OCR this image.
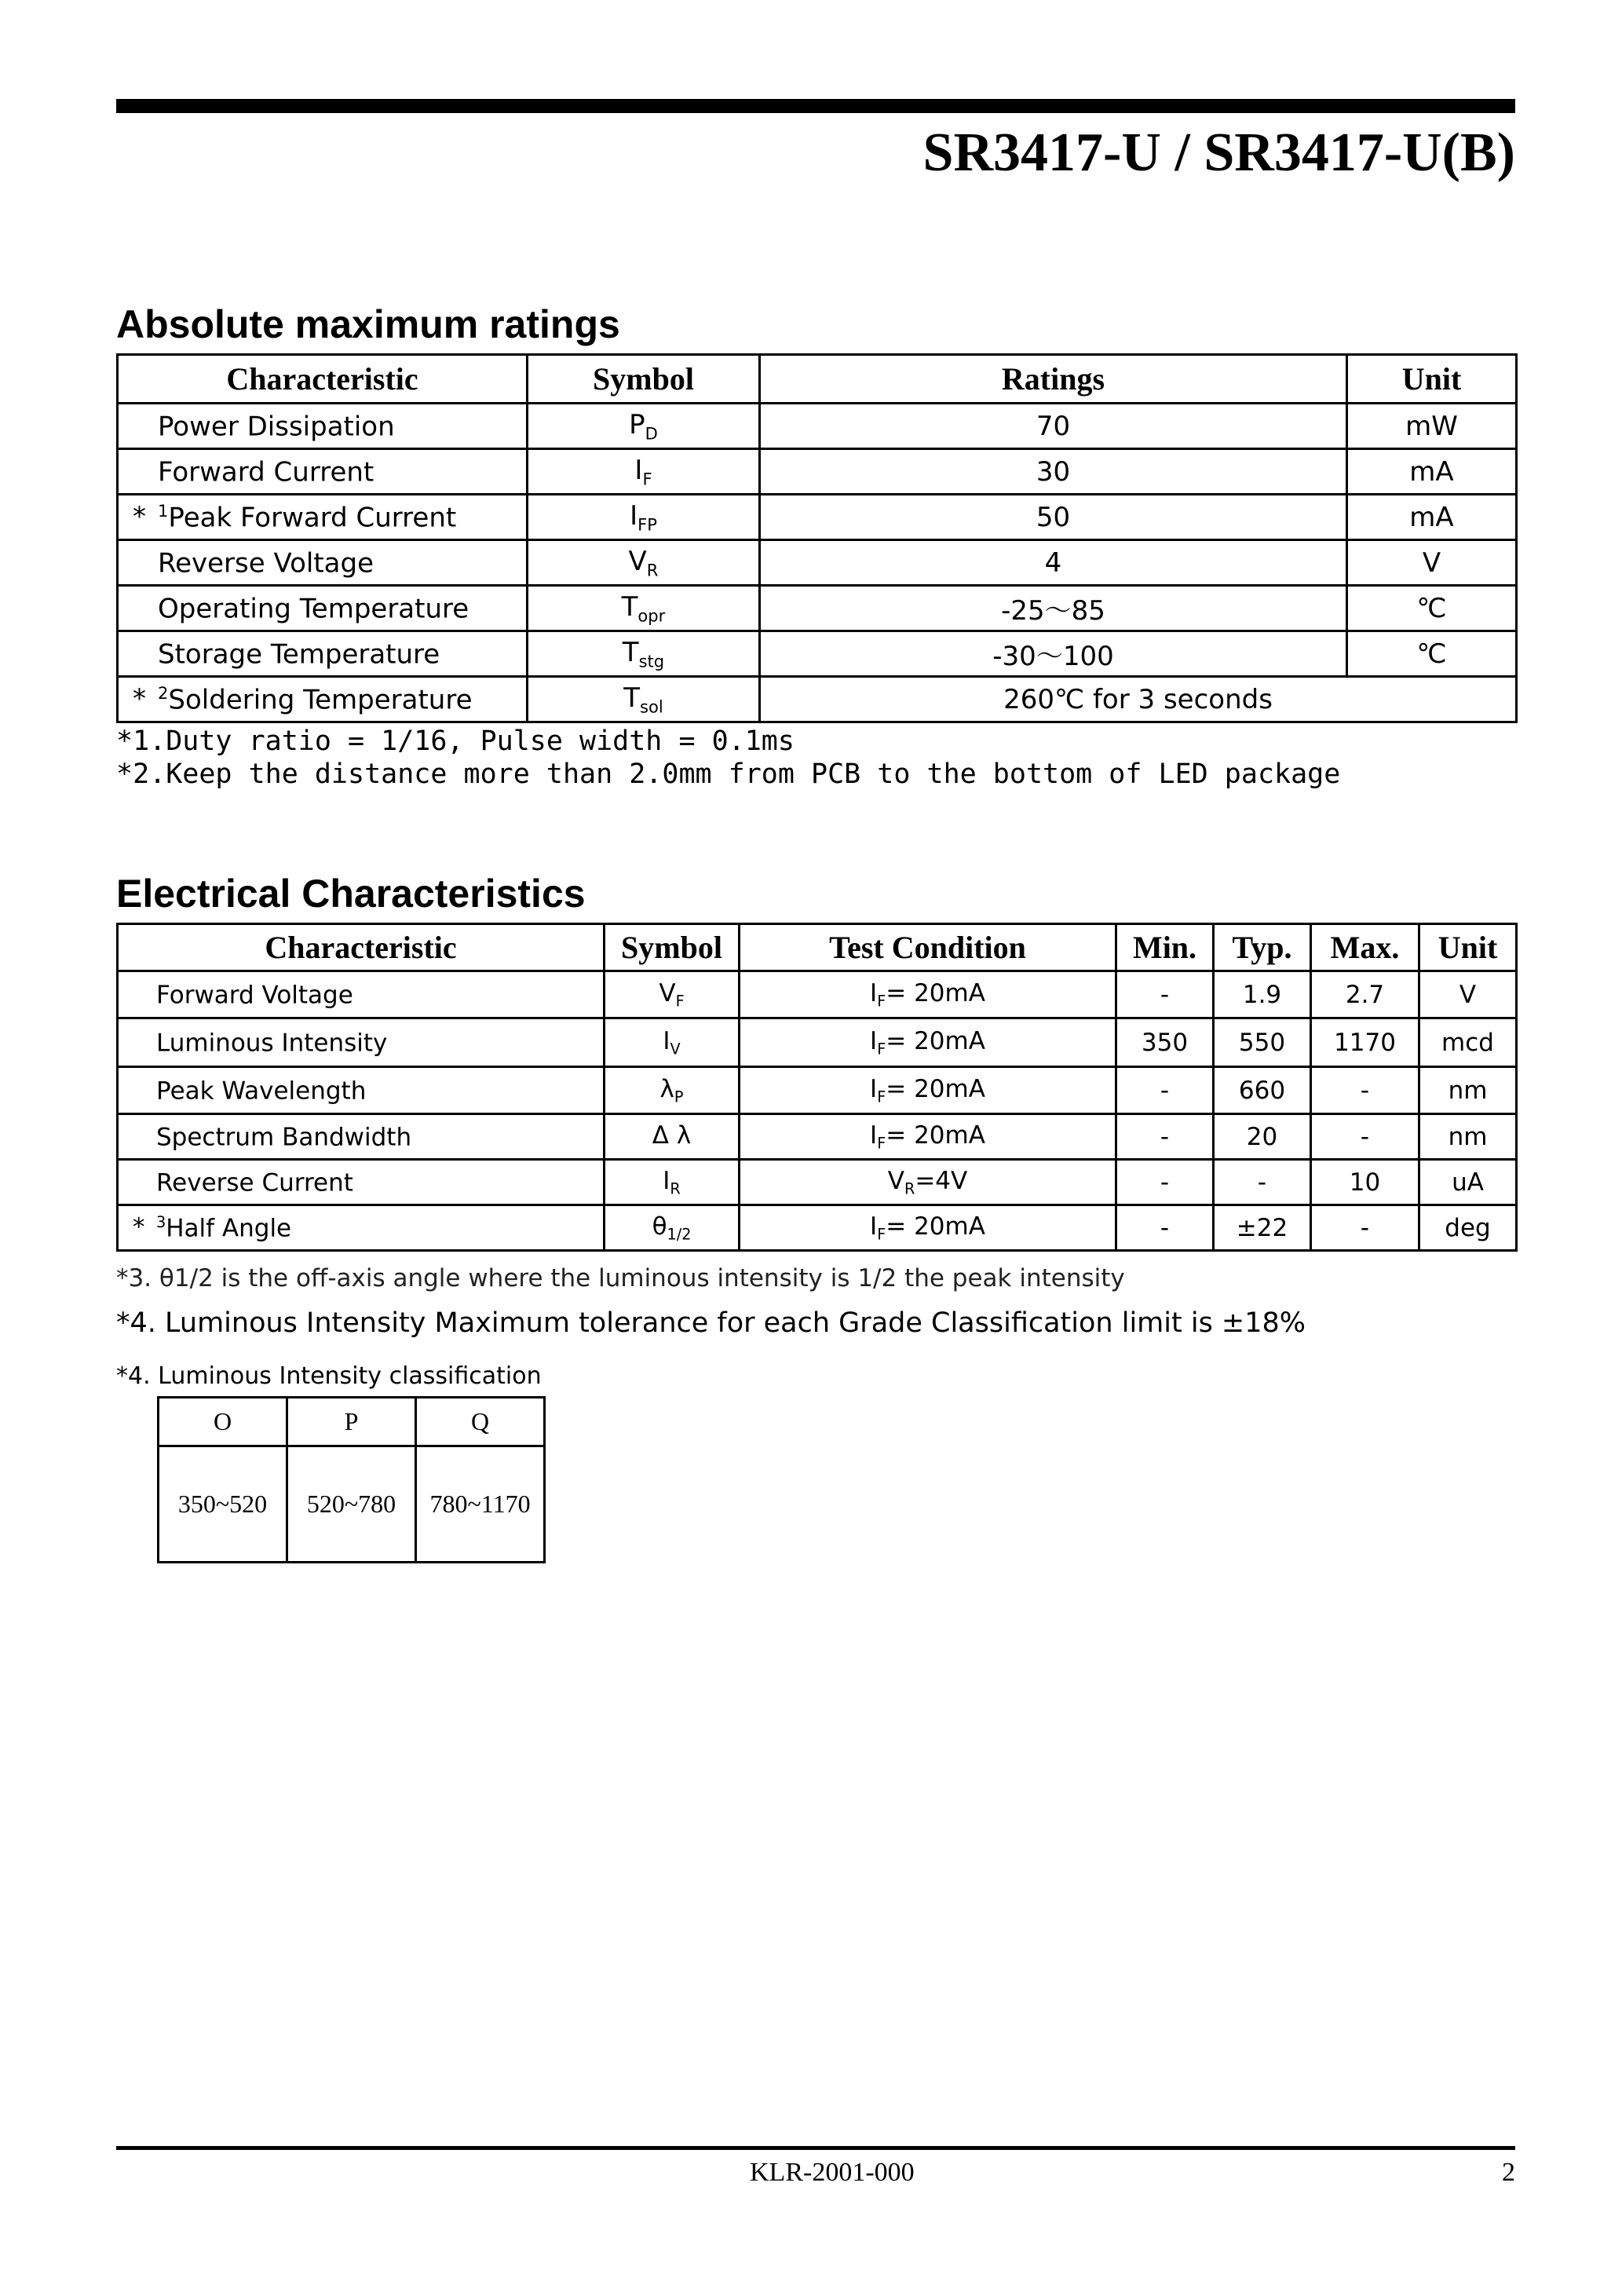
SR3417-U / SR3417-U(B)
Absolute maximum ratings
Characteristic	Symbol	Ratings	Unit

Power Dissipation	$P_D$	70	mW

Forward Current	$I_F$	30	mA

* $^1$Peak Forward Current	$I_{FP}$	50	mA

Reverse Voltage	$V_R$	4	V

Operating Temperature	$T_{opr}$	-25～85	℃

Storage Temperature	$T_{stg}$	-30～100	℃

* $^2$Soldering Temperature	$T_{sol}$	260℃ for 3 seconds	
*1.Duty ratio = 1/16, Pulse width = 0.1ms
*2.Keep the distance more than 2.0mm from PCB to the bottom of LED package
Electrical Characteristics
Characteristic	Symbol	Test Condition	Min.	Typ.	Max.	Unit

Forward Voltage	$V_F$	$I_F= 20mA$	-	1.9	2.7	V

Luminous Intensity	$I_V$	$I_F= 20mA$	350	550	1170	mcd

Peak Wavelength	$\lambda_P$	$I_F= 20mA$	-	660	-	nm

Spectrum Bandwidth	Δ λ	$I_F= 20mA$	-	20	-	nm

Reverse Current	$I_R$	$V_R=4V$	-	-	10	uA

* $^3$Half Angle	$\theta_{1/2}$	$I_F= 20mA$	-	±22	-	deg
*3. θ1/2 is the off-axis angle where the luminous intensity is 1/2 the peak intensity
*4. Luminous Intensity Maximum tolerance for each Grade Classification limit is ±18%
*4. Luminous Intensity classification
O	P	Q
350~520	520~780	780~1170
KLR-2001-000	2
